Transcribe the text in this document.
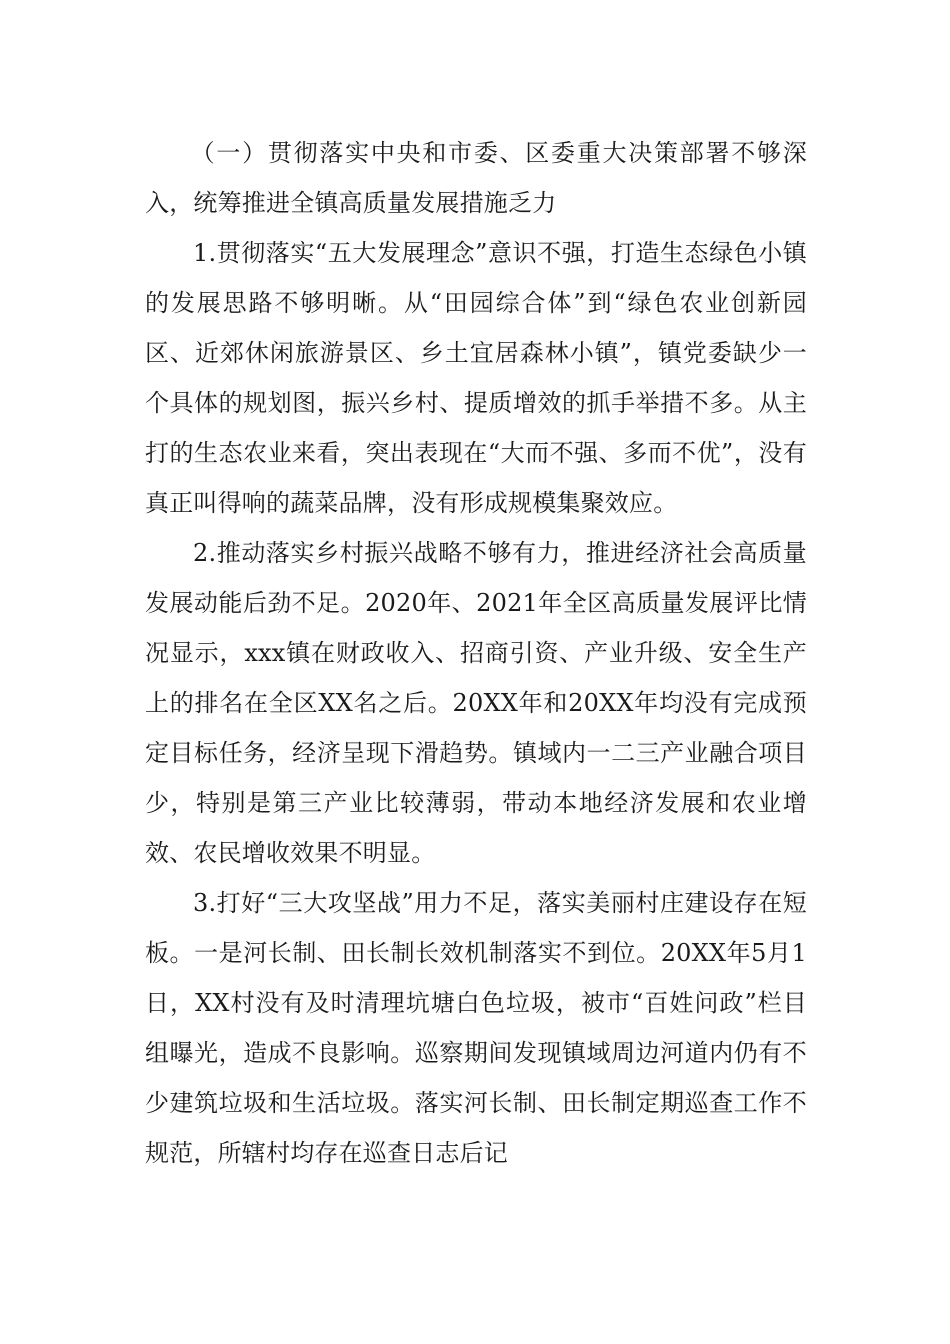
（一）贯彻落实中央和市委、区委重大决策部署不够深入，统筹推进全镇高质量发展措施乏力

1.贯彻落实“五大发展理念”意识不强，打造生态绿色小镇的发展思路不够明晰。从“田园综合体”到“绿色农业创新园区、近郊休闲旅游景区、乡土宜居森林小镇”，镇党委缺少一个具体的规划图，振兴乡村、提质增效的抓手举措不多。从主打的生态农业来看，突出表现在“大而不强、多而不优”，没有真正叫得响的蔬菜品牌，没有形成规模集聚效应。

2.推动落实乡村振兴战略不够有力，推进经济社会高质量发展动能后劲不足。2020年、2021年全区高质量发展评比情况显示，xxx镇在财政收入、招商引资、产业升级、安全生产上的排名在全区XX名之后。20XX年和20XX年均没有完成预定目标任务，经济呈现下滑趋势。镇域内一二三产业融合项目少，特别是第三产业比较薄弱，带动本地经济发展和农业增效、农民增收效果不明显。

3.打好“三大攻坚战”用力不足，落实美丽村庄建设存在短板。一是河长制、田长制长效机制落实不到位。20XX年5月1日，XX村没有及时清理坑塘白色垃圾，被市“百姓问政”栏目组曝光，造成不良影响。巡察期间发现镇域周边河道内仍有不少建筑垃圾和生活垃圾。落实河长制、田长制定期巡查工作不规范，所辖村均存在巡查日志后记
